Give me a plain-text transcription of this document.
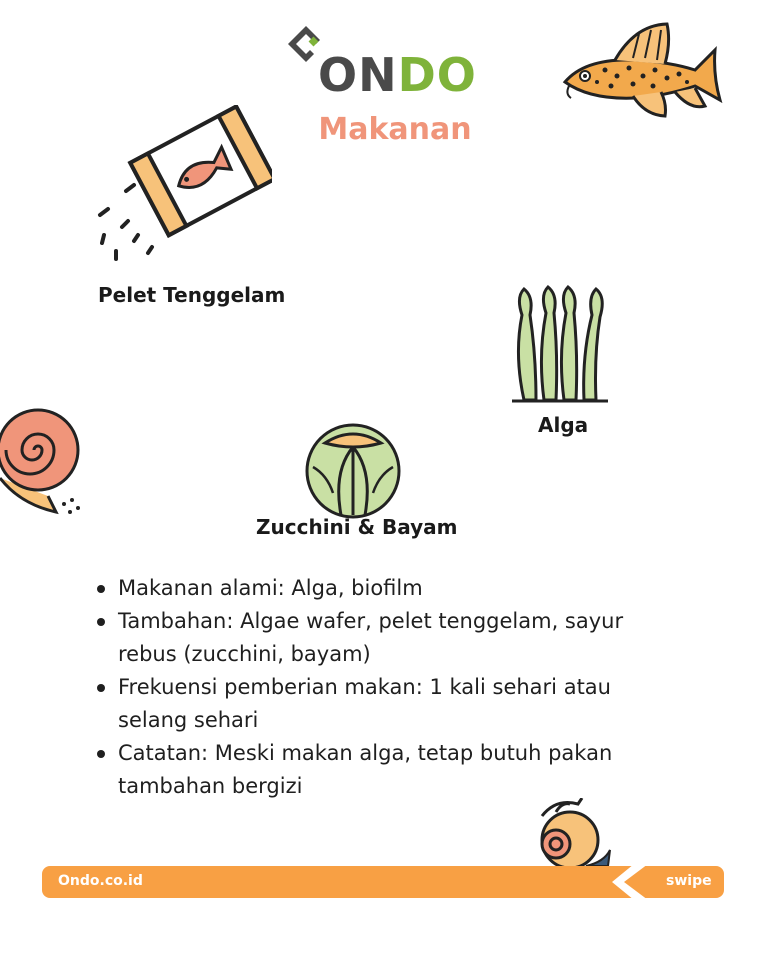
ONDO
Makanan
Pelet Tenggelam
Alga
Zucchini & Bayam
Makanan alami: Alga, biofilm
Tambahan: Algae wafer, pelet tenggelam, sayur rebus (zucchini, bayam)
Frekuensi pemberian makan: 1 kali sehari atau selang sehari
Catatan: Meski makan alga, tetap butuh pakan tambahan bergizi
Ondo.co.id	swipe
